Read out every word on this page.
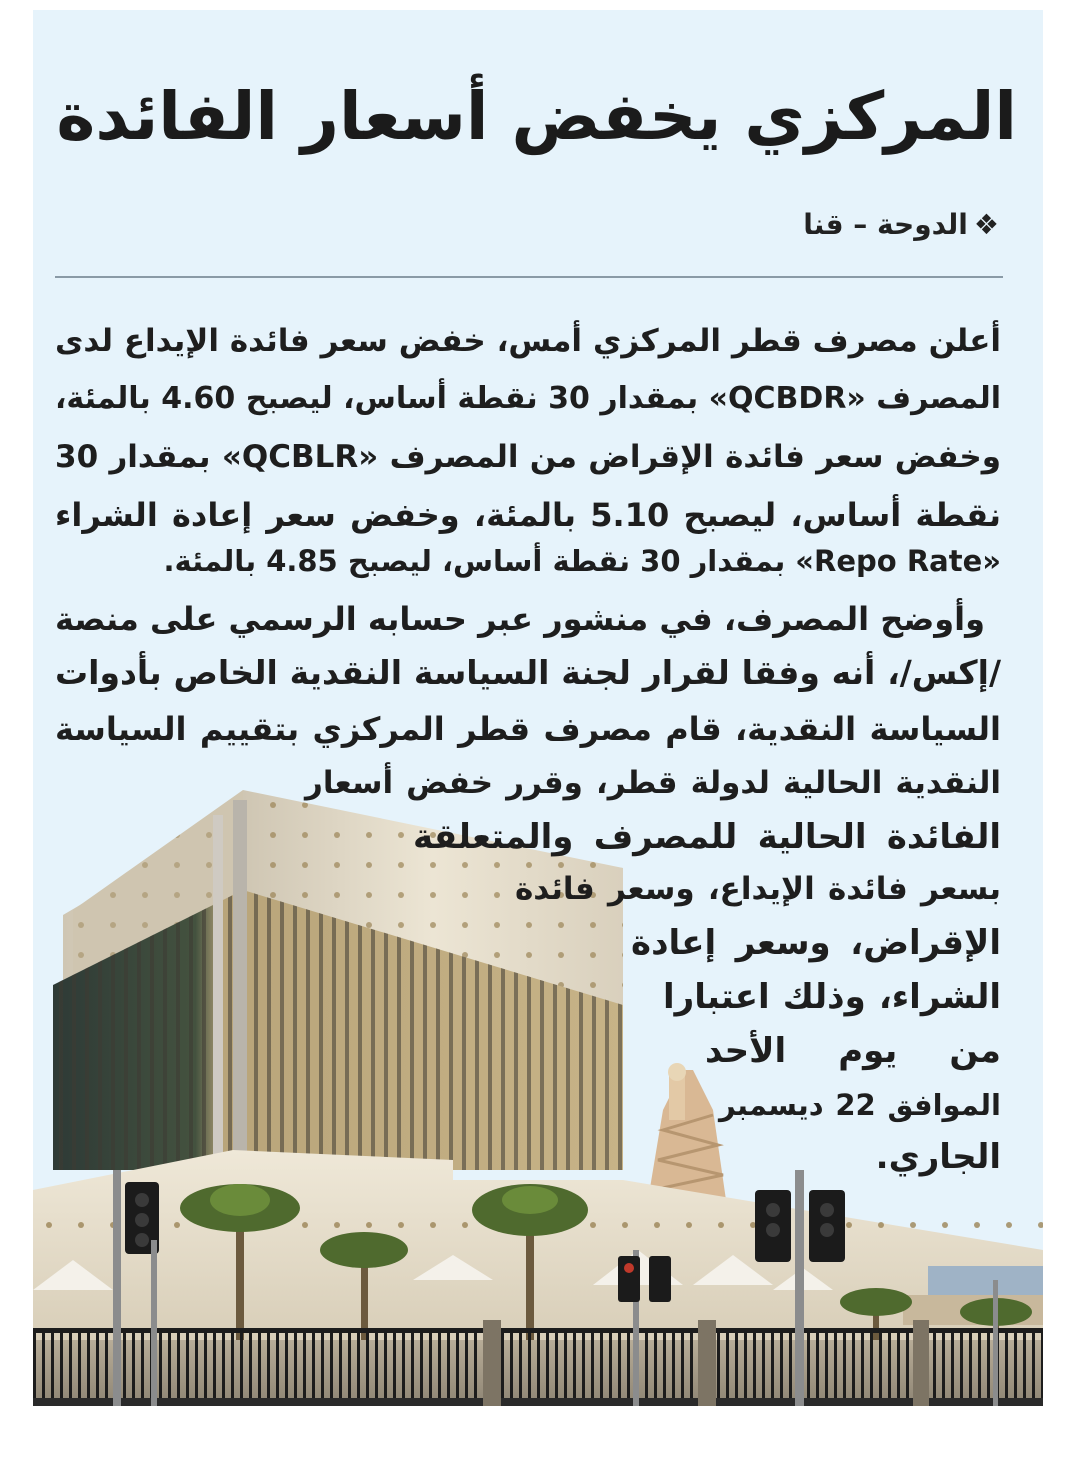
المركزي يخفض أسعار الفائدة
❖الدوحة – قنا
أعلن مصرف قطر المركزي أمس، خفض سعر فائدة الإيداع لدى
المصرف «QCBDR» بمقدار 30 نقطة أساس، ليصبح 4.60 بالمئة،
وخفض سعر فائدة الإقراض من المصرف «QCBLR» بمقدار 30
نقطة أساس، ليصبح 5.10 بالمئة، وخفض سعر إعادة الشراء
«Repo Rate» بمقدار 30 نقطة أساس، ليصبح 4.85 بالمئة.
وأوضح المصرف، في منشور عبر حسابه الرسمي على منصة
/إكس/، أنه وفقا لقرار لجنة السياسة النقدية الخاص بأدوات
السياسة النقدية، قام مصرف قطر المركزي بتقييم السياسة
النقدية الحالية لدولة قطر، وقرر خفض أسعار
الفائدة الحالية للمصرف والمتعلقة
بسعر فائدة الإيداع، وسعر فائدة
الإقراض، وسعر إعادة
الشراء، وذلك اعتبارا
من يوم الأحد
الموافق 22 ديسمبر
الجاري.
